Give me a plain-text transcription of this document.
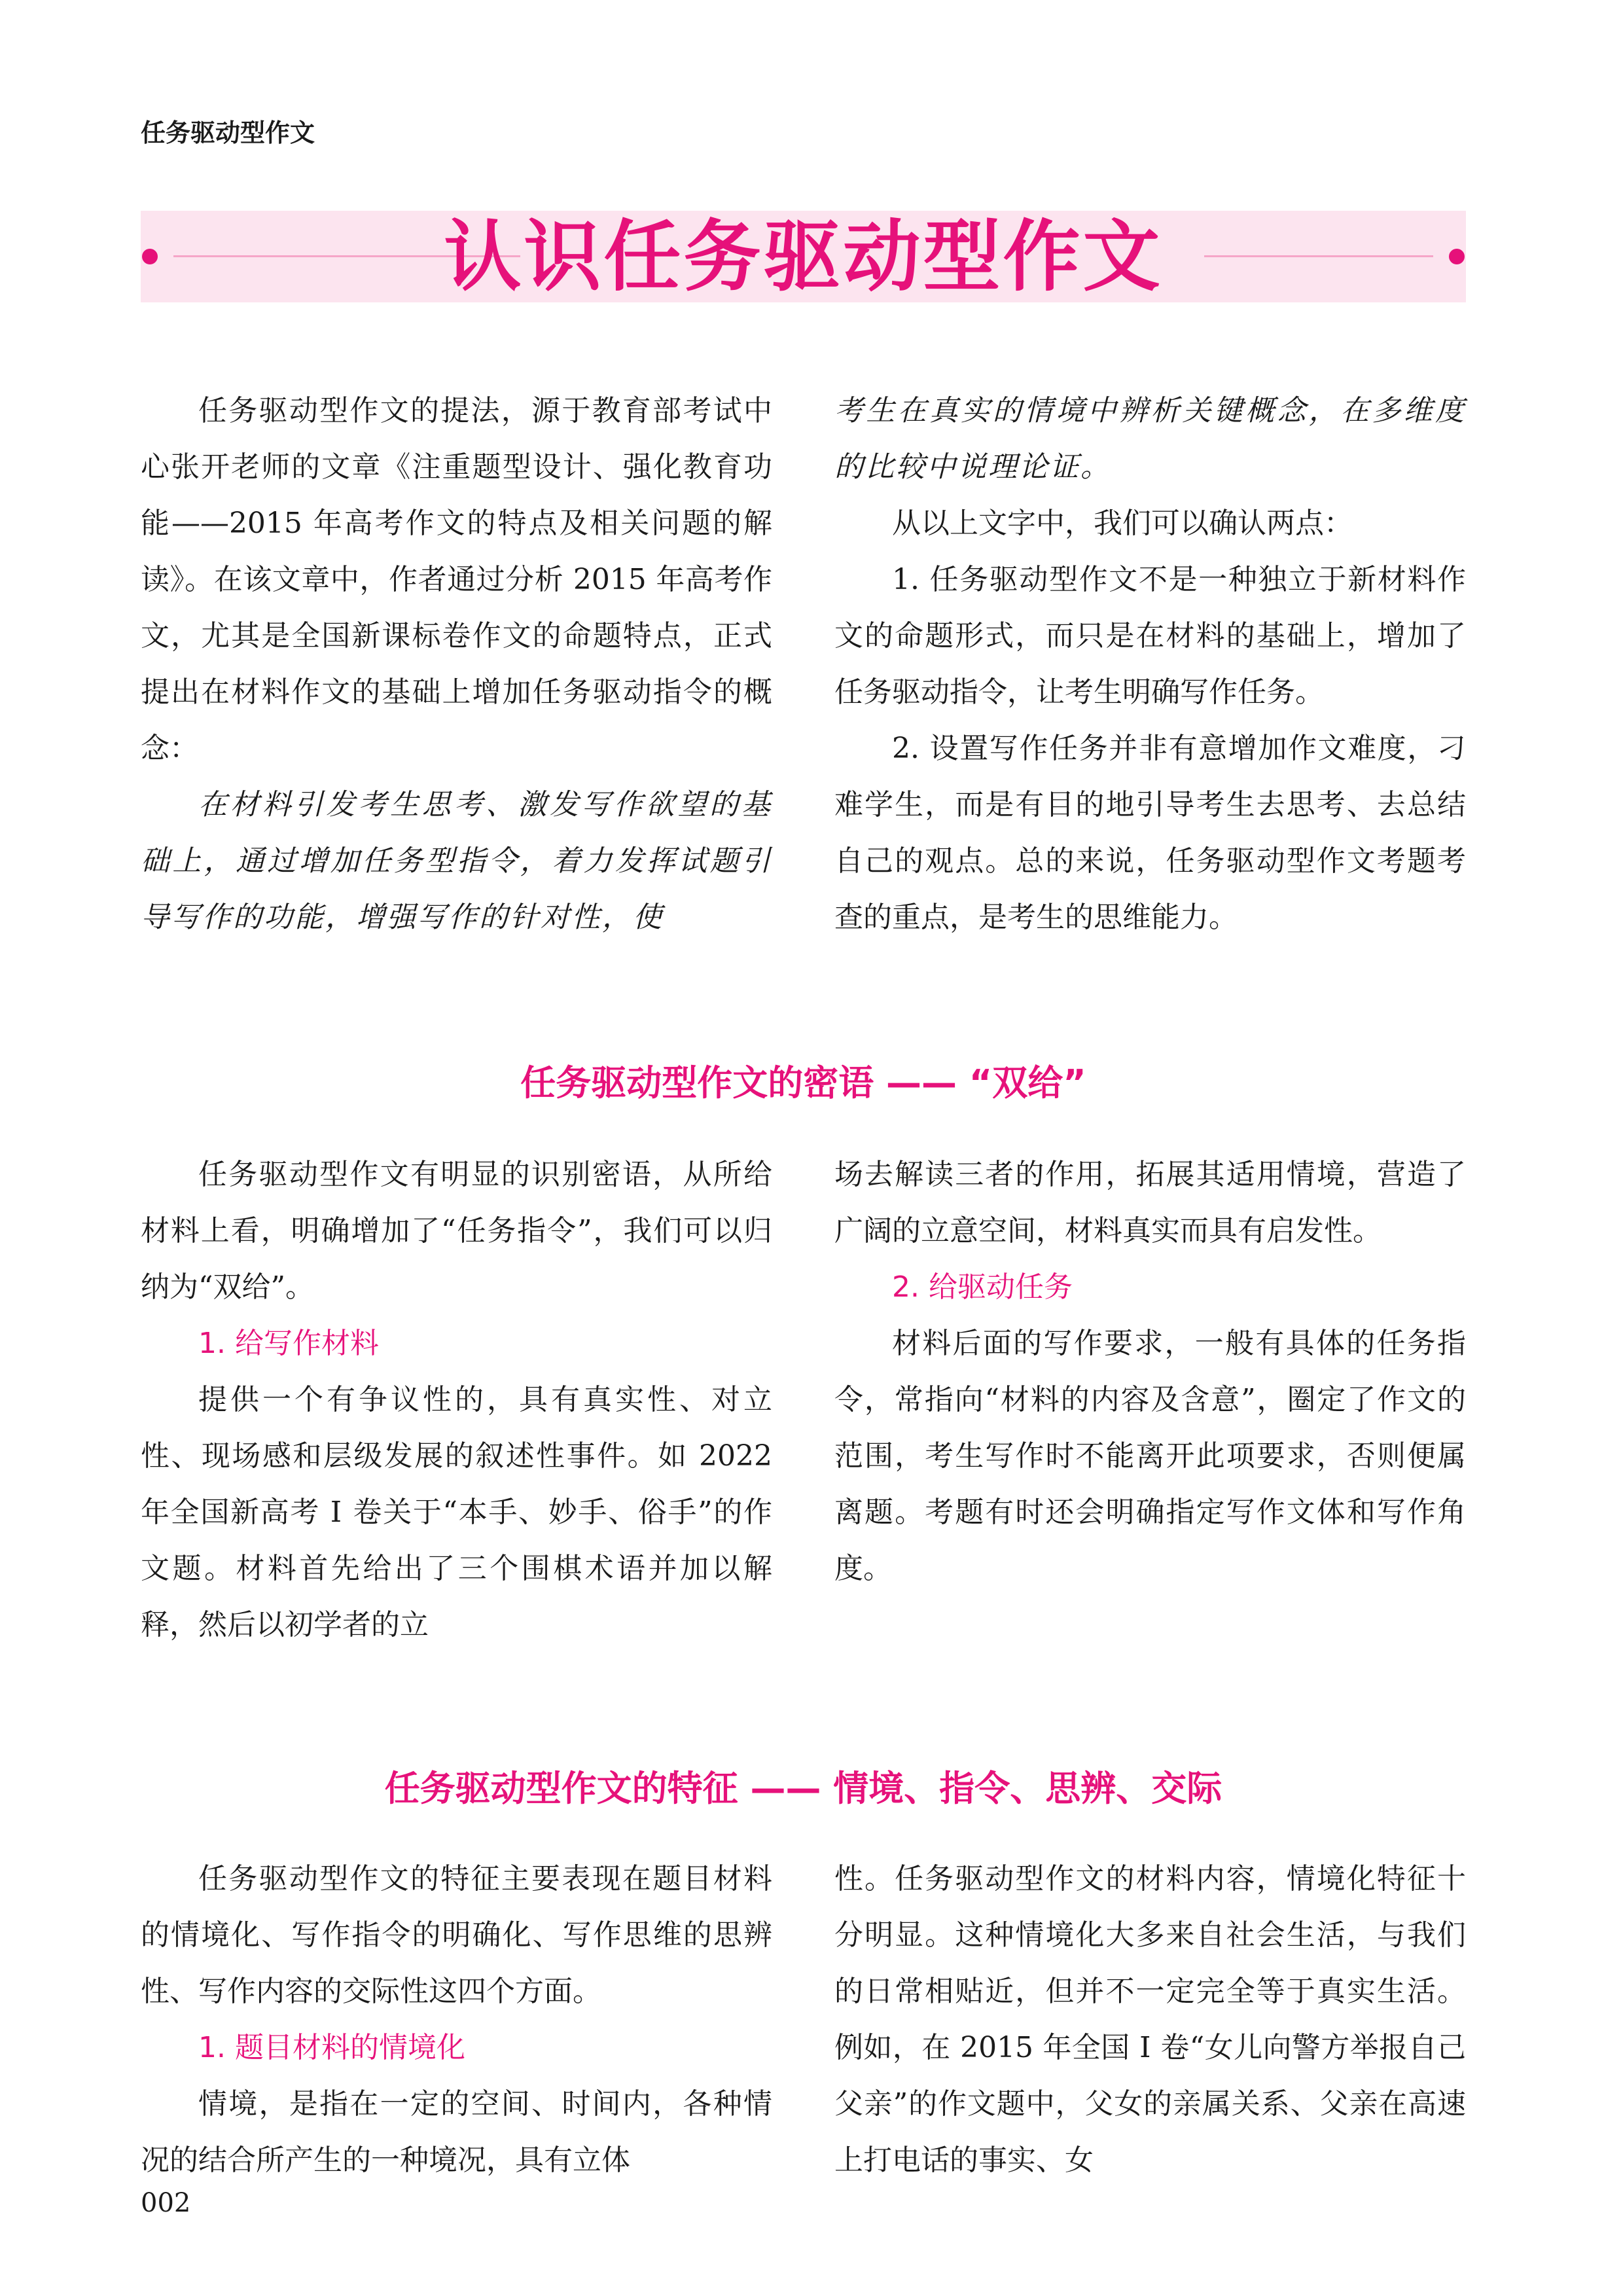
任务驱动型作文
认识任务驱动型作文

任务驱动型作文的提法，源于教育部考试中心张开老师的文章《注重题型设计、强化教育功能——2015 年高考作文的特点及相关问题的解读》。在该文章中，作者通过分析 2015 年高考作文，尤其是全国新课标卷作文的命题特点，正式提出在材料作文的基础上增加任务驱动指令的概念：

在材料引发考生思考、激发写作欲望的基础上，通过增加任务型指令，着力发挥试题引导写作的功能，增强写作的针对性，使

考生在真实的情境中辨析关键概念，在多维度的比较中说理论证。

从以上文字中，我们可以确认两点：

1. 任务驱动型作文不是一种独立于新材料作文的命题形式，而只是在材料的基础上，增加了任务驱动指令，让考生明确写作任务。

2. 设置写作任务并非有意增加作文难度，刁难学生，而是有目的地引导考生去思考、去总结自己的观点。总的来说，任务驱动型作文考题考查的重点，是考生的思维能力。

任务驱动型作文的密语 —— “双给”

任务驱动型作文有明显的识别密语，从所给材料上看，明确增加了“任务指令”，我们可以归纳为“双给”。

1. 给写作材料

提供一个有争议性的，具有真实性、对立性、现场感和层级发展的叙述性事件。如 2022 年全国新高考 Ⅰ 卷关于“本手、妙手、俗手”的作文题。材料首先给出了三个围棋术语并加以解释，然后以初学者的立

场去解读三者的作用，拓展其适用情境，营造了广阔的立意空间，材料真实而具有启发性。

2. 给驱动任务

材料后面的写作要求，一般有具体的任务指令，常指向“材料的内容及含意”，圈定了作文的范围，考生写作时不能离开此项要求，否则便属离题。考题有时还会明确指定写作文体和写作角度。

任务驱动型作文的特征 —— 情境、指令、思辨、交际

任务驱动型作文的特征主要表现在题目材料的情境化、写作指令的明确化、写作思维的思辨性、写作内容的交际性这四个方面。

1. 题目材料的情境化

情境，是指在一定的空间、时间内，各种情况的结合所产生的一种境况，具有立体

性。任务驱动型作文的材料内容，情境化特征十分明显。这种情境化大多来自社会生活，与我们的日常相贴近，但并不一定完全等于真实生活。例如，在 2015 年全国 Ⅰ 卷“女儿向警方举报自己父亲”的作文题中，父女的亲属关系、父亲在高速上打电话的事实、女

002
